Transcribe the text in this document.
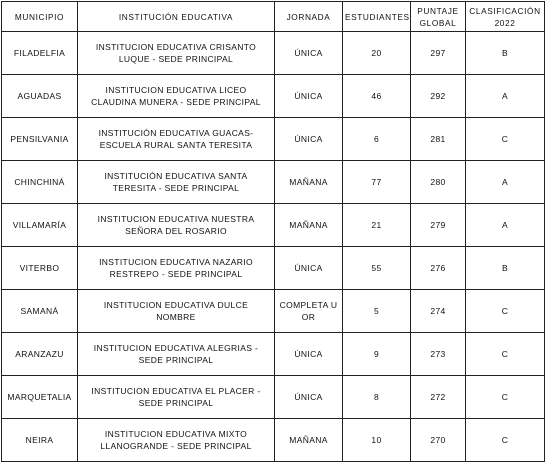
MUNICIPIO	INSTITUCIÓN EDUCATIVA	JORNADA	ESTUDIANTES	PUNTAJE GLOBAL	CLASIFICACIÓN 2022
FILADELFIA	INSTITUCION EDUCATIVA CRISANTO LUQUE - SEDE PRINCIPAL	ÚNICA	20	297	B
AGUADAS	INSTITUCION EDUCATIVA LICEO CLAUDINA MUNERA - SEDE PRINCIPAL	ÚNICA	46	292	A
PENSILVANIA	INSTITUCIÓN EDUCATIVA GUACAS-ESCUELA RURAL SANTA TERESITA	ÚNICA	6	281	C
CHINCHINÁ	INSTITUCIÓN EDUCATIVA SANTA TERESITA - SEDE PRINCIPAL	MAÑANA	77	280	A
VILLAMARÍA	INSTITUCION EDUCATIVA NUESTRA SEÑORA DEL ROSARIO	MAÑANA	21	279	A
VITERBO	INSTITUCION EDUCATIVA NAZARIO RESTREPO - SEDE PRINCIPAL	ÚNICA	55	276	B
SAMANÁ	INSTITUCION EDUCATIVA DULCE NOMBRE	COMPLETA U OR	5	274	C
ARANZAZU	INSTITUCION EDUCATIVA ALEGRIAS - SEDE PRINCIPAL	ÚNICA	9	273	C
MARQUETALIA	INSTITUCION EDUCATIVA EL PLACER - SEDE PRINCIPAL	ÚNICA	8	272	C
NEIRA	INSTITUCION EDUCATIVA MIXTO LLANOGRANDE - SEDE PRINCIPAL	MAÑANA	10	270	C
